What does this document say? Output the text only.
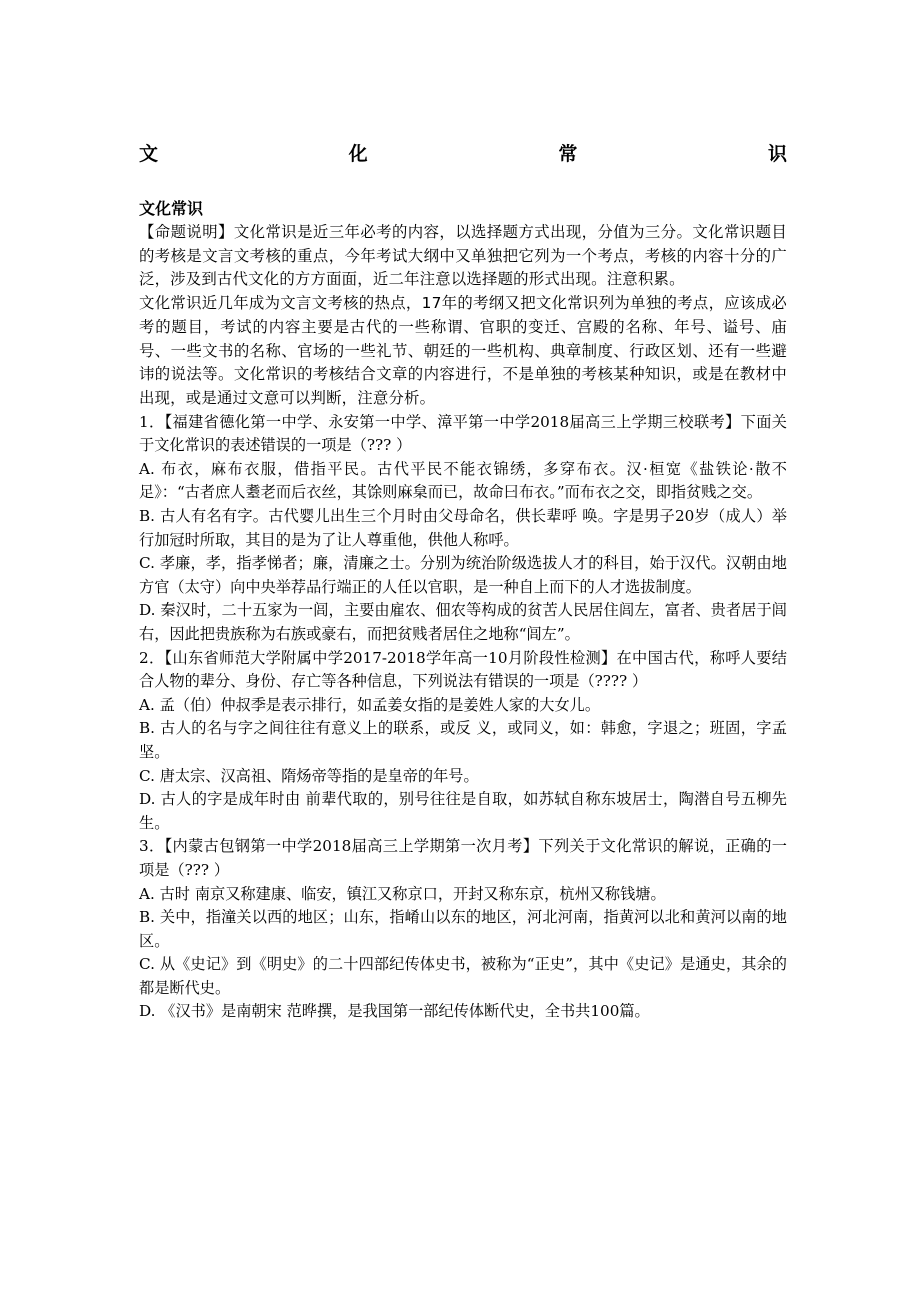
文	化	常	识
文化常识

【命题说明】文化常识是近三年必考的内容，以选择题方式出现，分值为三分。文化常识题目的考核是文言文考核的重点，今年考试大纲中又单独把它列为一个考点，考核的内容十分的广泛，涉及到古代文化的方方面面，近二年注意以选择题的形式出现。注意积累。

文化常识近几年成为文言文考核的热点，17年的考纲又把文化常识列为单独的考点，应该成必考的题目，考试的内容主要是古代的一些称谓、官职的变迁、宫殿的名称、年号、谥号、庙号、一些文书的名称、官场的一些礼节、朝廷的一些机构、典章制度、行政区划、还有一些避讳的说法等。文化常识的考核结合文章的内容进行，不是单独的考核某种知识，或是在教材中出现，或是通过文意可以判断，注意分析。

1．【福建省德化第一中学、永安第一中学、漳平第一中学2018届高三上学期三校联考】下面关于文化常识的表述错误的一项是（??? ）

A. 布衣，麻布衣服，借指平民。古代平民不能衣锦绣，多穿布衣。汉·桓宽《盐铁论·散不足》：“古者庶人耋老而后衣丝，其馀则麻枲而已，故命曰布衣。”而布衣之交，即指贫贱之交。

B. 古人有名有字。古代婴儿出生三个月时由父母命名，供长辈呼 唤。字是男子20岁（成人）举行加冠时所取，其目的是为了让人尊重他，供他人称呼。

C. 孝廉，孝，指孝悌者；廉，清廉之士。分别为统治阶级选拔人才的科目，始于汉代。汉朝由地方官（太守）向中央举荐品行端正的人任以官职，是一种自上而下的人才选拔制度。

D. 秦汉时，二十五家为一闾，主要由雇农、佃农等构成的贫苦人民居住闾左，富者、贵者居于闾右，因此把贵族称为右族或豪右，而把贫贱者居住之地称“闾左”。

2．【山东省师范大学附属中学2017-2018学年高一10月阶段性检测】在中国古代，称呼人要结合人物的辈分、身份、存亡等各种信息，下列说法有错误的一项是（???? ）

A. 孟（伯）仲叔季是表示排行，如孟姜女指的是姜姓人家的大女儿。

B. 古人的名与字之间往往有意义上的联系，或反 义，或同义，如：韩愈，字退之；班固，字孟坚。

C. 唐太宗、汉高祖、隋炀帝等指的是皇帝的年号。

D. 古人的字是成年时由 前辈代取的，别号往往是自取，如苏轼自称东坡居士，陶潜自号五柳先生。

3．【内蒙古包钢第一中学2018届高三上学期第一次月考】下列关于文化常识的解说，正确的一项是（??? ）

A. 古时 南京又称建康、临安，镇江又称京口，开封又称东京，杭州又称钱塘。

B. 关中，指潼关以西的地区；山东，指崤山以东的地区，河北河南，指黄河以北和黄河以南的地区。

C. 从《史记》到《明史》的二十四部纪传体史书，被称为“正史”，其中《史记》是通史，其余的都是断代史。

D. 《汉书》是南朝宋 范晔撰，是我国第一部纪传体断代史，全书共100篇。
